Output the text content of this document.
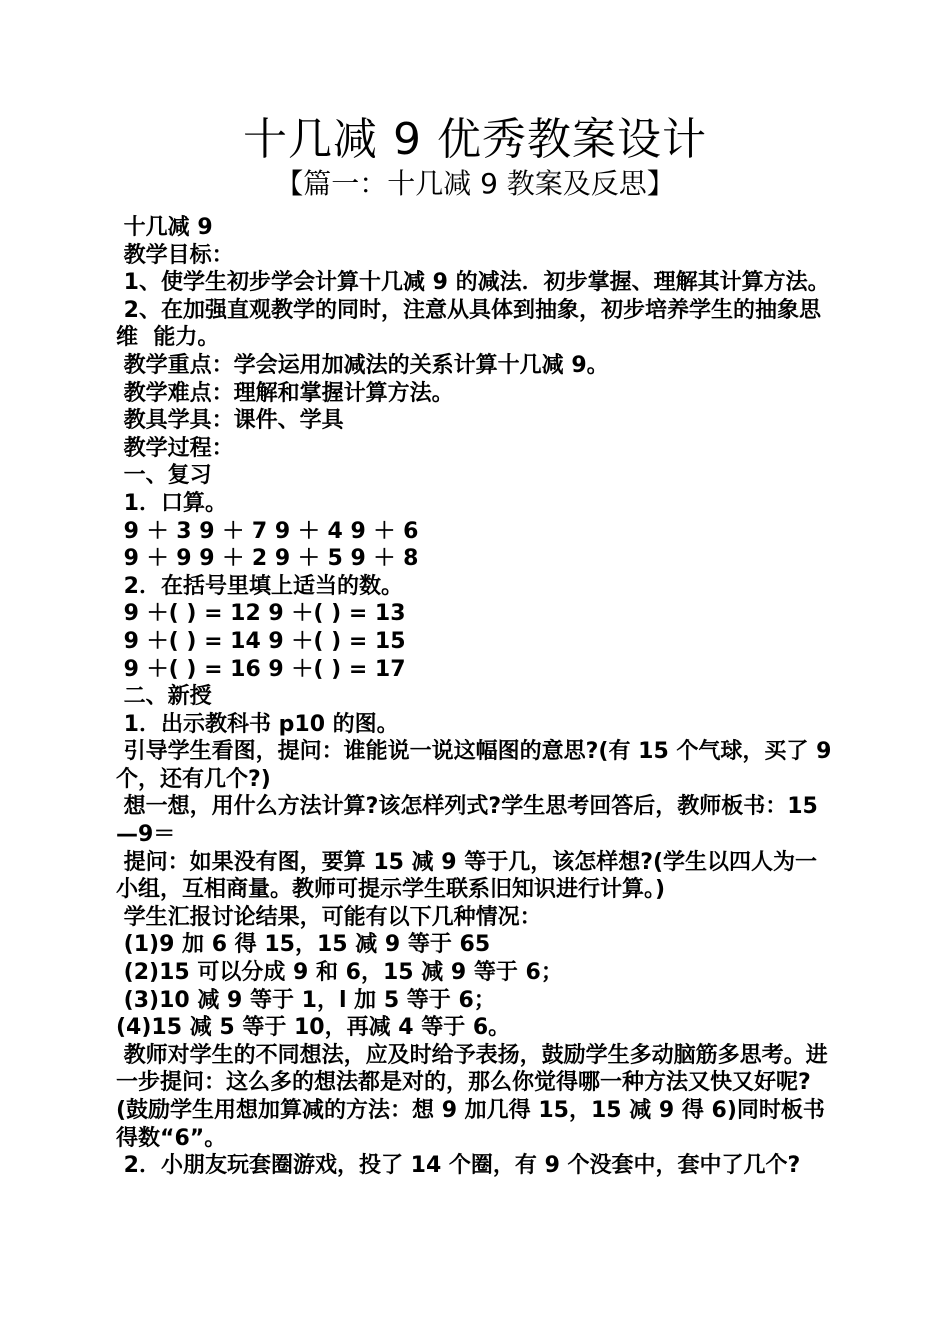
十几减 9 优秀教案设计
【篇一：十几减 9 教案及反思】

十几减 9

教学目标：

1、使学生初步学会计算十几减 9 的减法．初步掌握、理解其计算方法。

2、在加强直观教学的同时，注意从具体到抽象，初步培养学生的抽象思维  能力。

教学重点：学会运用加减法的关系计算十几减 9。

教学难点：理解和掌握计算方法。

教具学具：课件、学具

教学过程：

一、复习

1．口算。

9 ＋ 3 9 ＋ 7 9 ＋ 4 9 ＋ 6

9 ＋ 9 9 ＋ 2 9 ＋ 5 9 ＋ 8

2．在括号里填上适当的数。

9 ＋( ) = 12 9 ＋( ) = 13

9 ＋( ) = 14 9 ＋( ) = 15

9 ＋( ) = 16 9 ＋( ) = 17

二、新授

1．出示教科书 p10 的图。

引导学生看图，提问：谁能说一说这幅图的意思?(有 15 个气球，买了 9 个，还有几个?)

想一想，用什么方法计算?该怎样列式?学生思考回答后，教师板书：15—9＝

提问：如果没有图，要算 15 减 9 等于几，该怎样想?(学生以四人为一小组，互相商量。教师可提示学生联系旧知识进行计算。)

学生汇报讨论结果，可能有以下几种情况：

(1)9 加 6 得 15，15 减 9 等于 65

(2)15 可以分成 9 和 6，15 减 9 等于 6；

(3)10 减 9 等于 1，l 加 5 等于 6；

(4)15 减 5 等于 10，再减 4 等于 6。

教师对学生的不同想法，应及时给予表扬，鼓励学生多动脑筋多思考。进一步提问：这么多的想法都是对的，那么你觉得哪一种方法又快又好呢?(鼓励学生用想加算减的方法：想 9 加几得 15，15 减 9 得 6)同时板书得数“6”。

2．小朋友玩套圈游戏，投了 14 个圈，有 9 个没套中，套中了几个?
